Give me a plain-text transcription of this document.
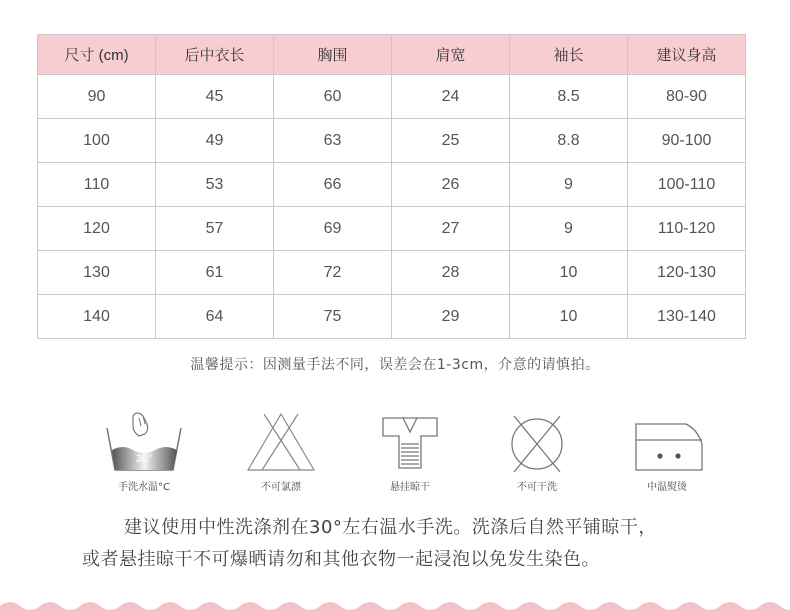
尺寸 (cm)	后中衣长	胸围	肩宽	袖长	建议身高
90	45	60	24	8.5	80-90
100	49	63	25	8.8	90-100
110	53	66	26	9	100-110
120	57	69	27	9	110-120
130	61	72	28	10	120-130
140	64	75	29	10	130-140
温馨提示：因测量手法不同，误差会在1-3cm，介意的请慎拍。
30°
手洗水温°C	不可氯漂	悬挂晾干	不可干洗	中温熨烫
建议使用中性洗涤剂在30°左右温水手洗。洗涤后自然平铺晾干，
或者悬挂晾干不可爆晒请勿和其他衣物一起浸泡以免发生染色。
